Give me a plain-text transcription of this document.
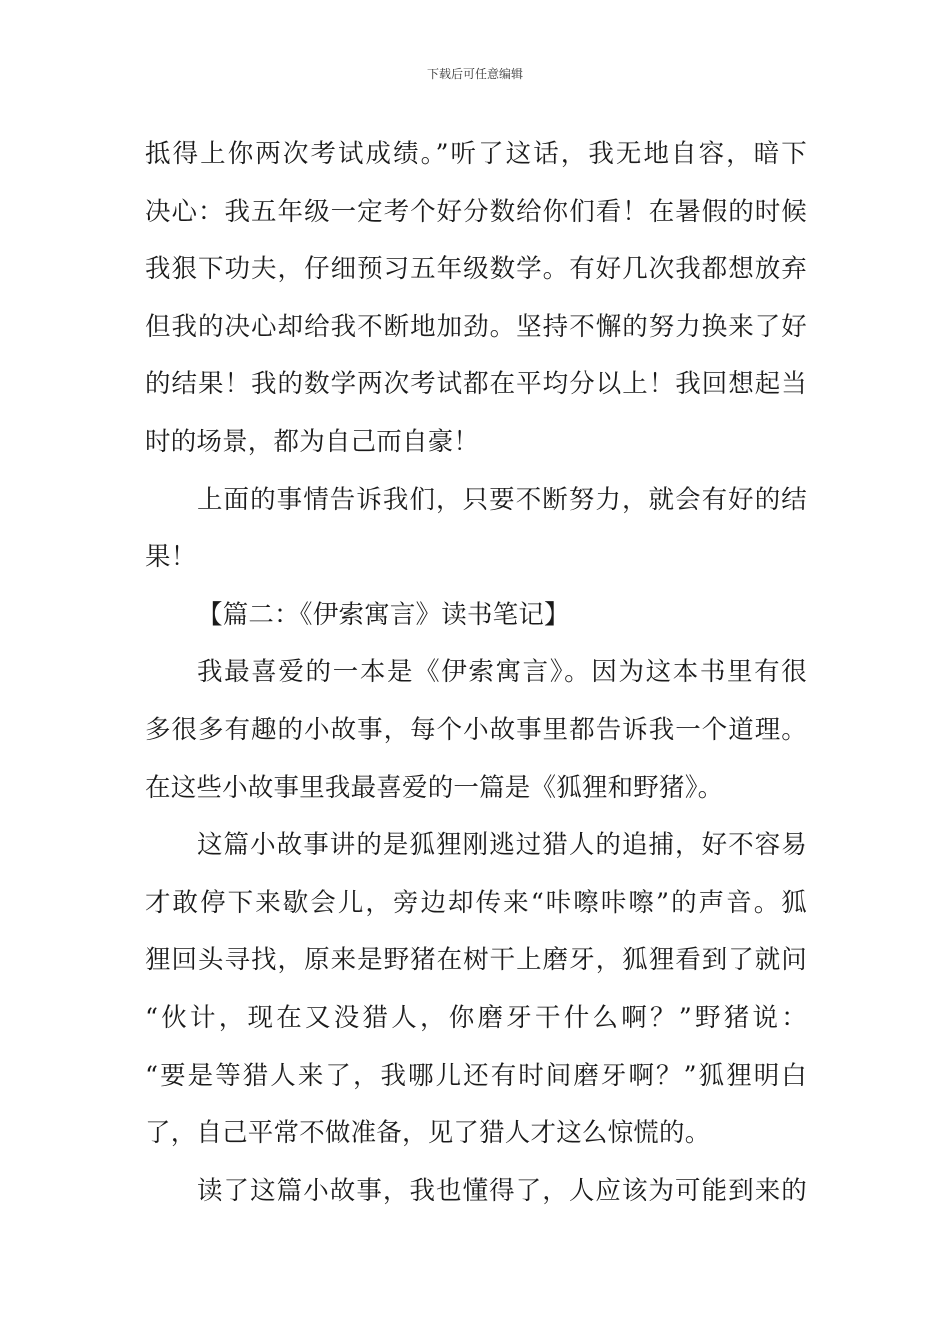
下载后可任意编辑
抵得上你两次考试成绩。”听了这话，我无地自容，暗下
决心：我五年级一定考个好分数给你们看！在暑假的时候
我狠下功夫，仔细预习五年级数学。有好几次我都想放弃
但我的决心却给我不断地加劲。坚持不懈的努力换来了好
的结果！我的数学两次考试都在平均分以上！我回想起当
时的场景，都为自己而自豪！
上面的事情告诉我们，只要不断努力，就会有好的结
果！
【篇二：《伊索寓言》读书笔记】
我最喜爱的一本是《伊索寓言》。因为这本书里有很
多很多有趣的小故事，每个小故事里都告诉我一个道理。
在这些小故事里我最喜爱的一篇是《狐狸和野猪》。
这篇小故事讲的是狐狸刚逃过猎人的追捕，好不容易
才敢停下来歇会儿，旁边却传来“咔嚓咔嚓”的声音。狐
狸回头寻找，原来是野猪在树干上磨牙，狐狸看到了就问
“伙计，现在又没猎人，你磨牙干什么啊？”野猪说：
“要是等猎人来了，我哪儿还有时间磨牙啊？”狐狸明白
了，自己平常不做准备，见了猎人才这么惊慌的。
读了这篇小故事，我也懂得了，人应该为可能到来的
